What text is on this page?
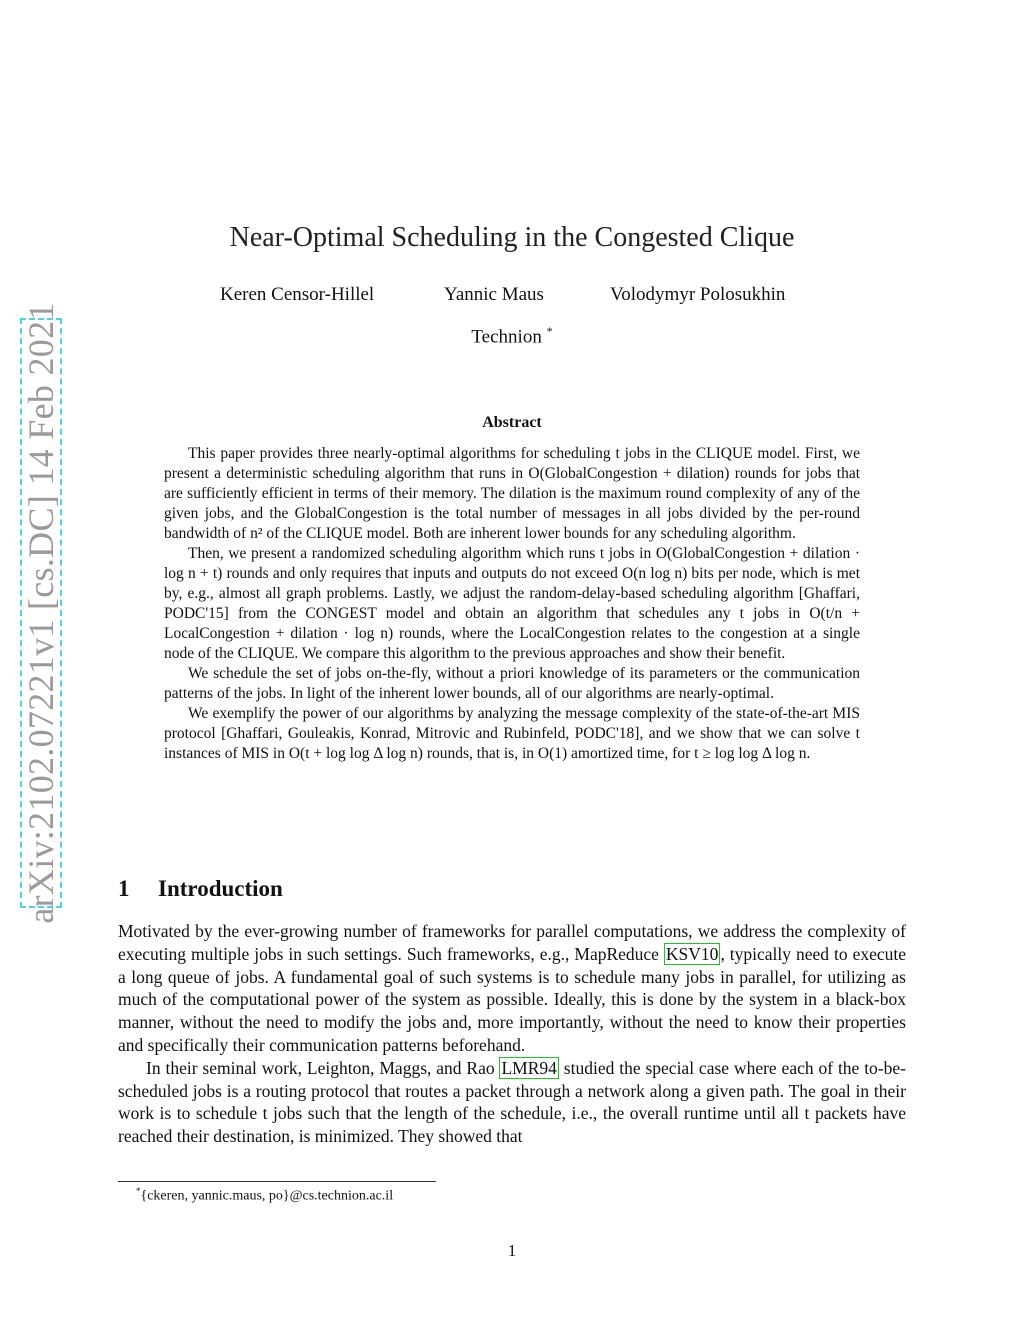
arXiv:2102.07221v1 [cs.DC] 14 Feb 2021
Near-Optimal Scheduling in the Congested Clique
Keren Censor-Hillel	Yannic Maus	Volodymyr Polosukhin
Technion *
Abstract

This paper provides three nearly-optimal algorithms for scheduling t jobs in the CLIQUE model. First, we present a deterministic scheduling algorithm that runs in O(GlobalCongestion + dilation) rounds for jobs that are sufficiently efficient in terms of their memory. The dilation is the maximum round complexity of any of the given jobs, and the GlobalCongestion is the total number of messages in all jobs divided by the per-round bandwidth of n² of the CLIQUE model. Both are inherent lower bounds for any scheduling algorithm.

Then, we present a randomized scheduling algorithm which runs t jobs in O(GlobalCongestion + dilation · log n + t) rounds and only requires that inputs and outputs do not exceed O(n log n) bits per node, which is met by, e.g., almost all graph problems. Lastly, we adjust the random-delay-based scheduling algorithm [Ghaffari, PODC'15] from the CONGEST model and obtain an algorithm that schedules any t jobs in O(t/n + LocalCongestion + dilation · log n) rounds, where the LocalCongestion relates to the congestion at a single node of the CLIQUE. We compare this algorithm to the previous approaches and show their benefit.

We schedule the set of jobs on-the-fly, without a priori knowledge of its parameters or the communication patterns of the jobs. In light of the inherent lower bounds, all of our algorithms are nearly-optimal.

We exemplify the power of our algorithms by analyzing the message complexity of the state-of-the-art MIS protocol [Ghaffari, Gouleakis, Konrad, Mitrovic and Rubinfeld, PODC'18], and we show that we can solve t instances of MIS in O(t + log log Δ log n) rounds, that is, in O(1) amortized time, for t ≥ log log Δ log n.

1 Introduction

Motivated by the ever-growing number of frameworks for parallel computations, we address the complexity of executing multiple jobs in such settings. Such frameworks, e.g., MapReduce KSV10 , typically need to execute a long queue of jobs. A fundamental goal of such systems is to schedule many jobs in parallel, for utilizing as much of the computational power of the system as possible. Ideally, this is done by the system in a black-box manner, without the need to modify the jobs and, more importantly, without the need to know their properties and specifically their communication patterns beforehand.

In their seminal work, Leighton, Maggs, and Rao LMR94 studied the special case where each of the to-be-scheduled jobs is a routing protocol that routes a packet through a network along a given path. The goal in their work is to schedule t jobs such that the length of the schedule, i.e., the overall runtime until all t packets have reached their destination, is minimized. They showed that

*{ckeren, yannic.maus, po}@cs.technion.ac.il
1
